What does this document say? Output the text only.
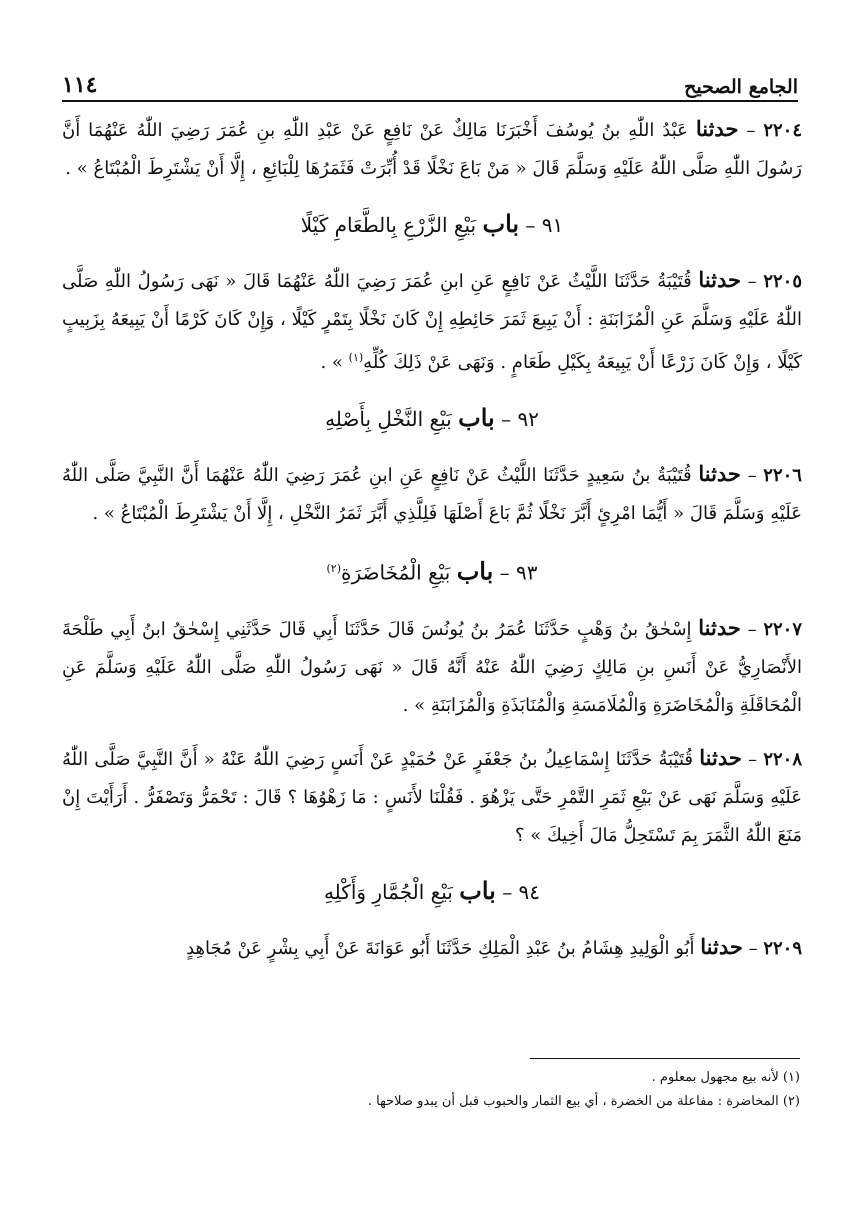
١١٤	الجامع الصحيح

٢٢٠٤ – حدثنا عَبْدُ اللّٰهِ بنُ يُوسُفَ أَخْبَرَنَا مَالِكٌ عَنْ نَافِعٍ عَنْ عَبْدِ اللّٰهِ بنِ عُمَرَ رَضِيَ اللّٰهُ عَنْهُمَا أَنَّ رَسُولَ اللّٰهِ صَلَّى اللّٰهُ عَلَيْهِ وَسَلَّمَ قَالَ « مَنْ بَاعَ نَخْلًا قَدْ أُبِّرَتْ فَثَمَرُهَا لِلْبَائِعِ ، إِلَّا أَنْ يَشْتَرِطَ الْمُبْتَاعُ » .

٩١ – باب بَيْعِ الزَّرْعِ بِالطَّعَامِ كَيْلًا

٢٢٠٥ – حدثنا قُتَيْبَةُ حَدَّثَنَا اللَّيْثُ عَنْ نَافِعٍ عَنِ ابنِ عُمَرَ رَضِيَ اللّٰهُ عَنْهُمَا قَالَ « نَهَى رَسُولُ اللّٰهِ صَلَّى اللّٰهُ عَلَيْهِ وَسَلَّمَ عَنِ الْمُزَابَنَةِ : أَنْ يَبِيعَ ثَمَرَ حَائِطِهِ إِنْ كَانَ نَخْلًا بِتَمْرٍ كَيْلًا ، وَإِنْ كَانَ كَرْمًا أَنْ يَبِيعَهُ بِزَبِيبٍ كَيْلًا ، وَإِنْ كَانَ زَرْعًا أَنْ يَبِيعَهُ بِكَيْلِ طَعَامٍ . وَنَهَى عَنْ ذَلِكَ كُلِّهِ$^{(١)}$ » .

٩٢ – باب بَيْعِ النَّخْلِ بِأَصْلِهِ

٢٢٠٦ – حدثنا قُتَيْبَةُ بنُ سَعِيدٍ حَدَّثَنَا اللَّيْثُ عَنْ نَافِعٍ عَنِ ابنِ عُمَرَ رَضِيَ اللّٰهُ عَنْهُمَا أَنَّ النَّبِيَّ صَلَّى اللّٰهُ عَلَيْهِ وَسَلَّمَ قَالَ « أَيُّمَا امْرِئٍ أَبَّرَ نَخْلًا ثُمَّ بَاعَ أَصْلَهَا فَلِلَّذِي أَبَّرَ ثَمَرُ النَّخْلِ ، إِلَّا أَنْ يَشْتَرِطَ الْمُبْتَاعُ » .

٩٣ – باب بَيْعِ الْمُخَاضَرَةِ$^{(٢)}$

٢٢٠٧ – حدثنا إِسْحٰقُ بنُ وَهْبٍ حَدَّثَنَا عُمَرُ بنُ يُونُسَ قَالَ حَدَّثَنَا أَبِي قَالَ حَدَّثَنِي إِسْحٰقُ ابنُ أَبِي طَلْحَةَ الأَنْصَارِيُّ عَنْ أَنَسِ بنِ مَالِكٍ رَضِيَ اللّٰهُ عَنْهُ أَنَّهُ قَالَ « نَهَى رَسُولُ اللّٰهِ صَلَّى اللّٰهُ عَلَيْهِ وَسَلَّمَ عَنِ الْمُحَاقَلَةِ وَالْمُخَاضَرَةِ وَالْمُلَامَسَةِ وَالْمُنَابَذَةِ وَالْمُزَابَنَةِ » .

٢٢٠٨ – حدثنا قُتَيْبَةُ حَدَّثَنَا إِسْمَاعِيلُ بنُ جَعْفَرٍ عَنْ حُمَيْدٍ عَنْ أَنَسٍ رَضِيَ اللّٰهُ عَنْهُ « أَنَّ النَّبِيَّ صَلَّى اللّٰهُ عَلَيْهِ وَسَلَّمَ نَهَى عَنْ بَيْعِ ثَمَرِ التَّمْرِ حَتَّى يَزْهُوَ . فَقُلْنَا لأَنَسٍ : مَا زَهْوُهَا ؟ قَالَ : تَحْمَرُّ وَتَصْفَرُّ . أَرَأَيْتَ إِنْ مَنَعَ اللّٰهُ الثَّمَرَ بِمَ تَسْتَحِلُّ مَالَ أَخِيكَ » ؟

٩٤ – باب بَيْعِ الْجُمَّارِ وَأَكْلِهِ

٢٢٠٩ – حدثنا أَبُو الْوَلِيدِ هِشَامُ بنُ عَبْدِ الْمَلِكِ حَدَّثَنَا أَبُو عَوَانَةَ عَنْ أَبِي بِشْرٍ عَنْ مُجَاهِدٍ

(١) لأنه بيع مجهول بمعلوم .
(٢) المخاضرة : مفاعلة من الخضرة ، أي بيع الثمار والحبوب قبل أن يبدو صلاحها .
